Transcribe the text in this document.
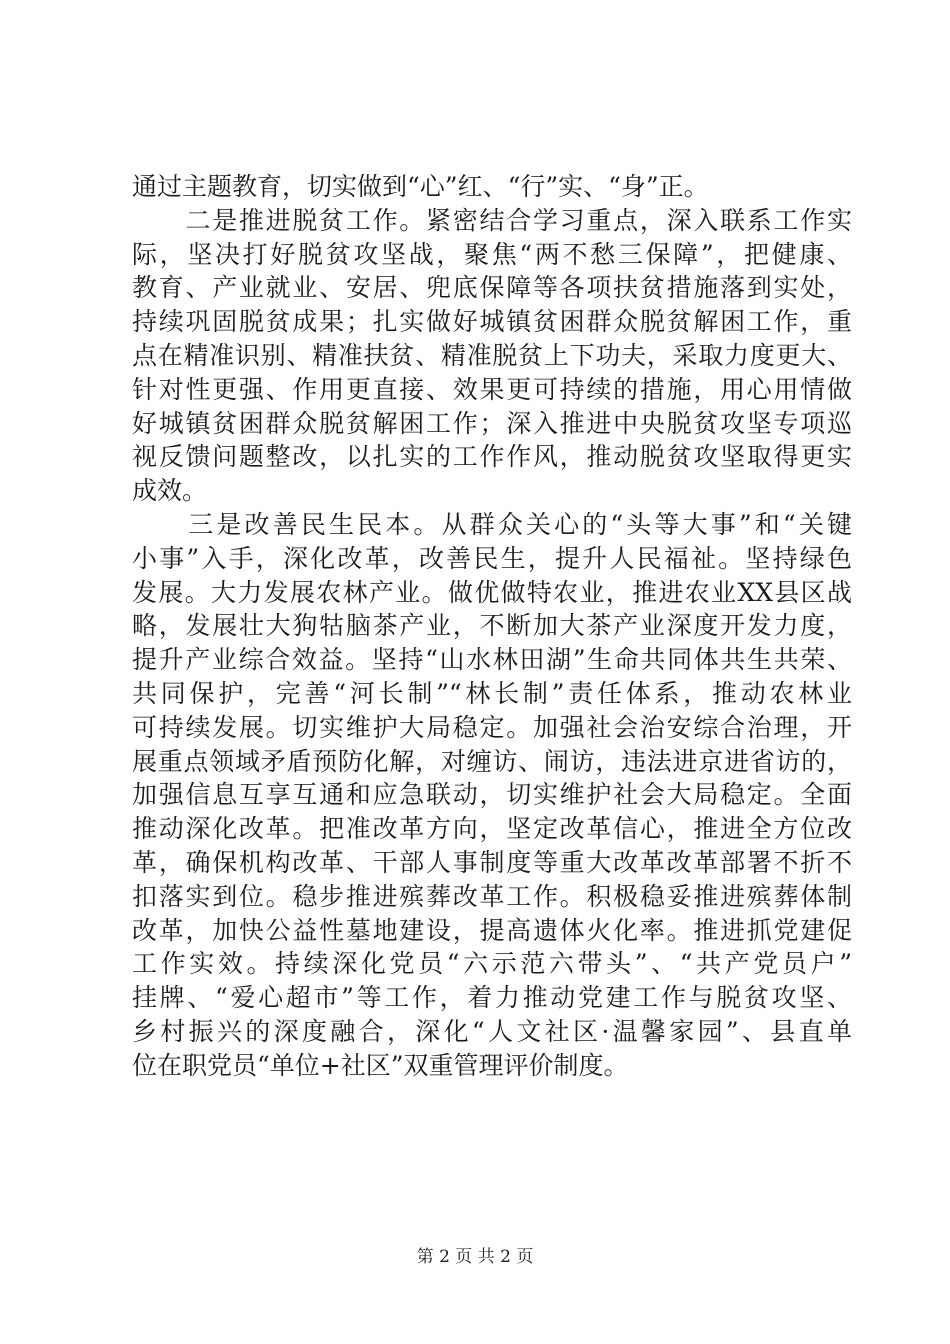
通过主题教育，切实做到“心”红、“行”实、“身”正。
　　二是推进脱贫工作。紧密结合学习重点，深入联系工作实
际，坚决打好脱贫攻坚战，聚焦“两不愁三保障”，把健康、
教育、产业就业、安居、兜底保障等各项扶贫措施落到实处，
持续巩固脱贫成果；扎实做好城镇贫困群众脱贫解困工作，重
点在精准识别、精准扶贫、精准脱贫上下功夫，采取力度更大、
针对性更强、作用更直接、效果更可持续的措施，用心用情做
好城镇贫困群众脱贫解困工作；深入推进中央脱贫攻坚专项巡
视反馈问题整改，以扎实的工作作风，推动脱贫攻坚取得更实
成效。
　　三是改善民生民本。从群众关心的“头等大事”和“关键
小事”入手，深化改革，改善民生，提升人民福祉。坚持绿色
发展。大力发展农林产业。做优做特农业，推进农业XX县区战
略，发展壮大狗牯脑茶产业，不断加大茶产业深度开发力度，
提升产业综合效益。坚持“山水林田湖”生命共同体共生共荣、
共同保护，完善“河长制”“林长制”责任体系，推动农林业
可持续发展。切实维护大局稳定。加强社会治安综合治理，开
展重点领域矛盾预防化解，对缠访、闹访，违法进京进省访的，
加强信息互享互通和应急联动，切实维护社会大局稳定。全面
推动深化改革。把准改革方向，坚定改革信心，推进全方位改
革，确保机构改革、干部人事制度等重大改革改革部署不折不
扣落实到位。稳步推进殡葬改革工作。积极稳妥推进殡葬体制
改革，加快公益性墓地建设，提高遗体火化率。推进抓党建促
工作实效。持续深化党员“六示范六带头”、“共产党员户”
挂牌、“爱心超市”等工作，着力推动党建工作与脱贫攻坚、
乡村振兴的深度融合，深化“人文社区·温馨家园”、县直单
位在职党员“单位+社区”双重管理评价制度。
第 2 页 共 2 页
